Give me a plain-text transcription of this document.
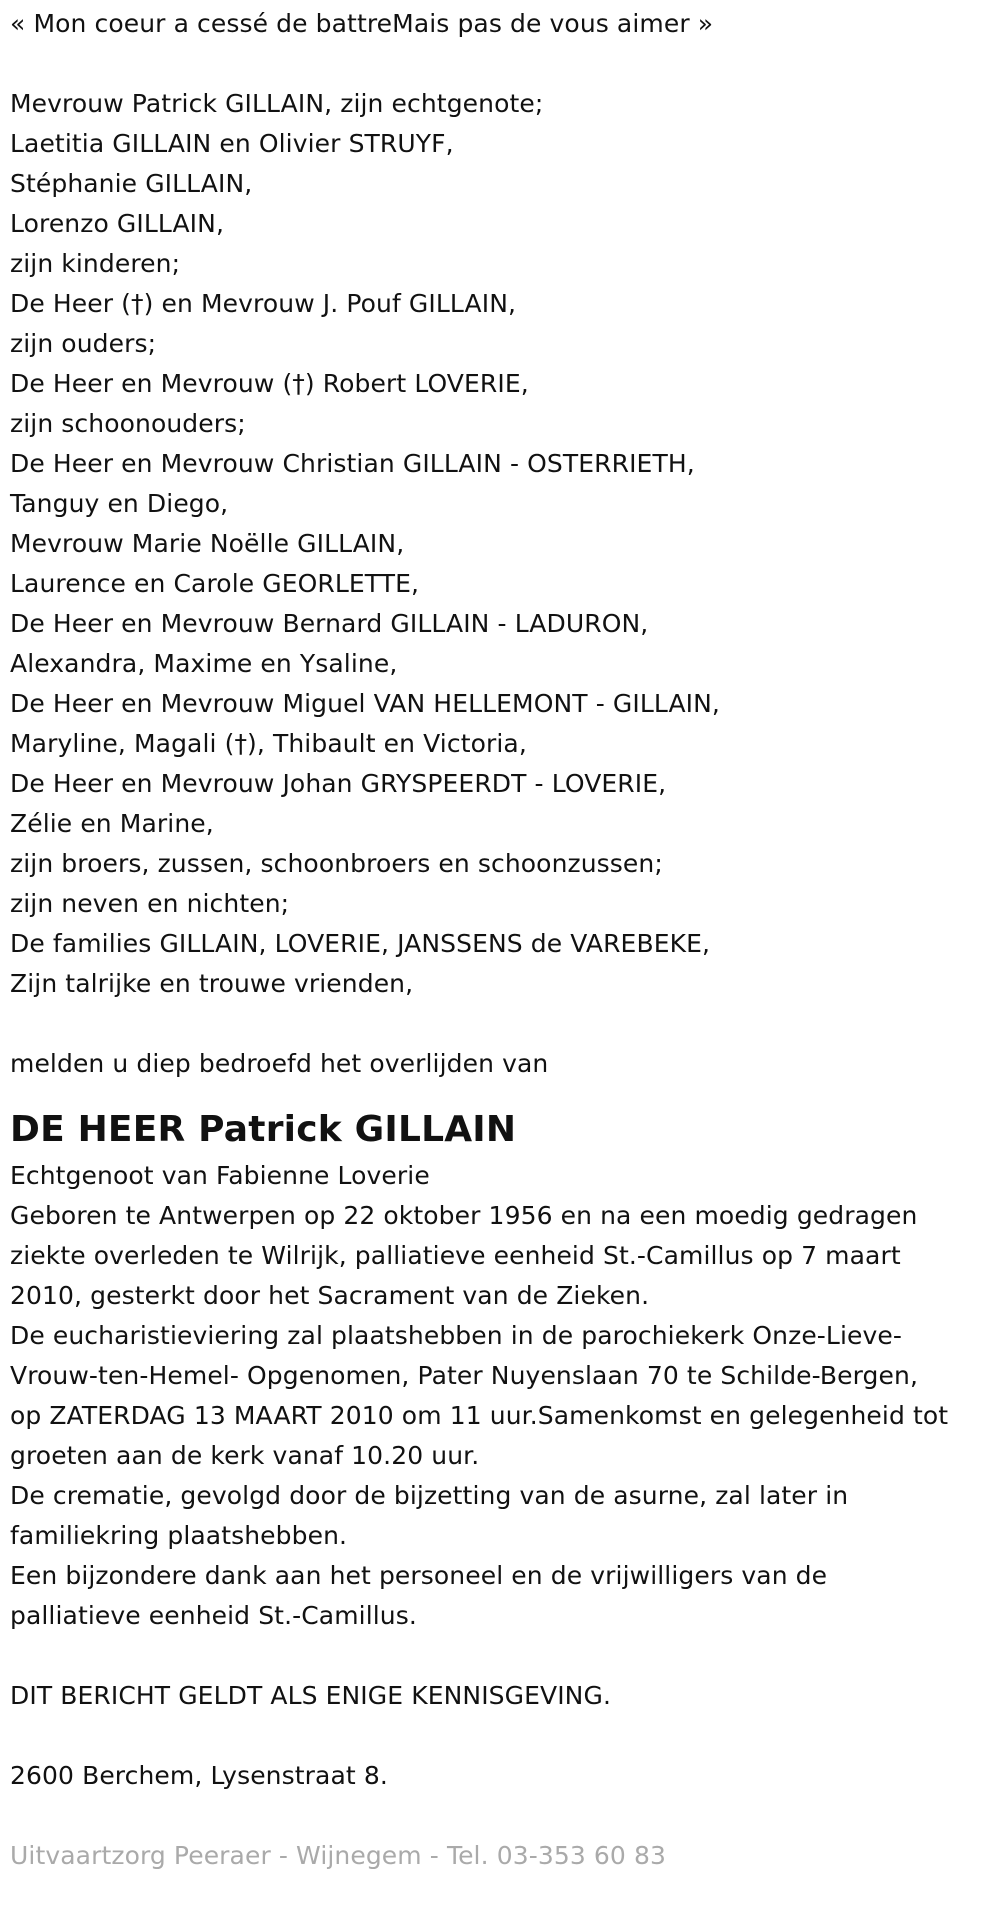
« Mon coeur a cessé de battreMais pas de vous aimer »
Mevrouw Patrick GILLAIN, zijn echtgenote;
Laetitia GILLAIN en Olivier STRUYF,
Stéphanie GILLAIN,
Lorenzo GILLAIN,
zijn kinderen;
De Heer (†) en Mevrouw J. Pouf GILLAIN,
zijn ouders;
De Heer en Mevrouw (†) Robert LOVERIE,
zijn schoonouders;
De Heer en Mevrouw Christian GILLAIN - OSTERRIETH,
Tanguy en Diego,
Mevrouw Marie Noëlle GILLAIN,
Laurence en Carole GEORLETTE,
De Heer en Mevrouw Bernard GILLAIN - LADURON,
Alexandra, Maxime en Ysaline,
De Heer en Mevrouw Miguel VAN HELLEMONT - GILLAIN,
Maryline, Magali (†), Thibault en Victoria,
De Heer en Mevrouw Johan GRYSPEERDT - LOVERIE,
Zélie en Marine,
zijn broers, zussen, schoonbroers en schoonzussen;
zijn neven en nichten;
De families GILLAIN, LOVERIE, JANSSENS de VAREBEKE,
Zijn talrijke en trouwe vrienden,
melden u diep bedroefd het overlijden van
DE HEER Patrick GILLAIN
Echtgenoot van Fabienne Loverie
Geboren te Antwerpen op 22 oktober 1956 en na een moedig gedragen
ziekte overleden te Wilrijk, palliatieve eenheid St.-Camillus op 7 maart
2010, gesterkt door het Sacrament van de Zieken.
De eucharistieviering zal plaatshebben in de parochiekerk Onze-Lieve-
Vrouw-ten-Hemel- Opgenomen, Pater Nuyenslaan 70 te Schilde-Bergen,
op ZATERDAG 13 MAART 2010 om 11 uur.Samenkomst en gelegenheid tot
groeten aan de kerk vanaf 10.20 uur.
De crematie, gevolgd door de bijzetting van de asurne, zal later in
familiekring plaatshebben.
Een bijzondere dank aan het personeel en de vrijwilligers van de
palliatieve eenheid St.-Camillus.
DIT BERICHT GELDT ALS ENIGE KENNISGEVING.
2600 Berchem, Lysenstraat 8.
Uitvaartzorg Peeraer - Wijnegem - Tel. 03-353 60 83
